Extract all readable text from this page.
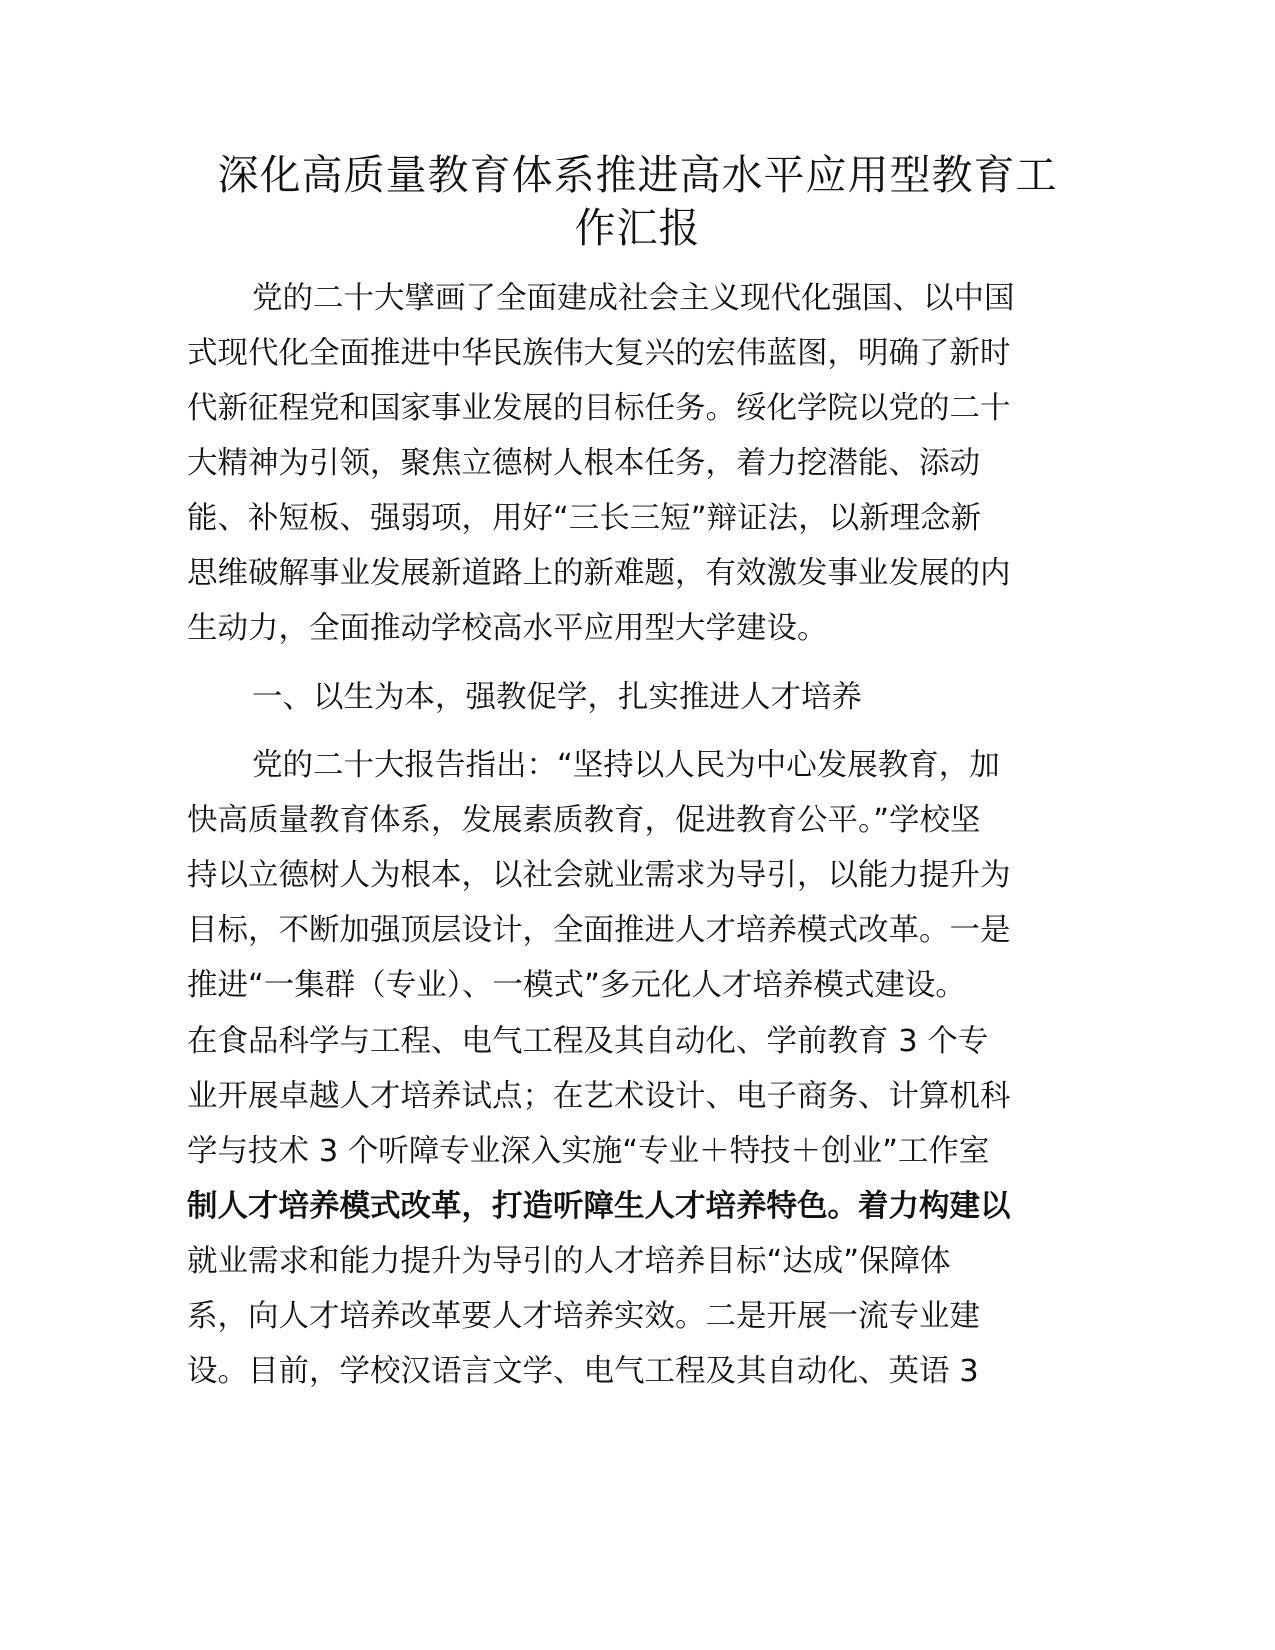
深化高质量教育体系推进高水平应用型教育工
作汇报
党的二十大擘画了全面建成社会主义现代化强国、以中国
式现代化全面推进中华民族伟大复兴的宏伟蓝图，明确了新时
代新征程党和国家事业发展的目标任务。绥化学院以党的二十
大精神为引领，聚焦立德树人根本任务，着力挖潜能、添动
能、补短板、强弱项，用好“三长三短”辩证法，以新理念新
思维破解事业发展新道路上的新难题，有效激发事业发展的内
生动力，全面推动学校高水平应用型大学建设。
一、以生为本，强教促学，扎实推进人才培养
党的二十大报告指出：“坚持以人民为中心发展教育，加
快高质量教育体系，发展素质教育，促进教育公平。”学校坚
持以立德树人为根本，以社会就业需求为导引，以能力提升为
目标，不断加强顶层设计，全面推进人才培养模式改革。一是
推进“一集群（专业）、一模式”多元化人才培养模式建设。
在食品科学与工程、电气工程及其自动化、学前教育 3 个专
业开展卓越人才培养试点；在艺术设计、电子商务、计算机科
学与技术 3 个听障专业深入实施“专业＋特技＋创业”工作室
制人才培养模式改革，打造听障生人才培养特色。着力构建以
就业需求和能力提升为导引的人才培养目标“达成”保障体
系，向人才培养改革要人才培养实效。二是开展一流专业建
设。目前，学校汉语言文学、电气工程及其自动化、英语 3
